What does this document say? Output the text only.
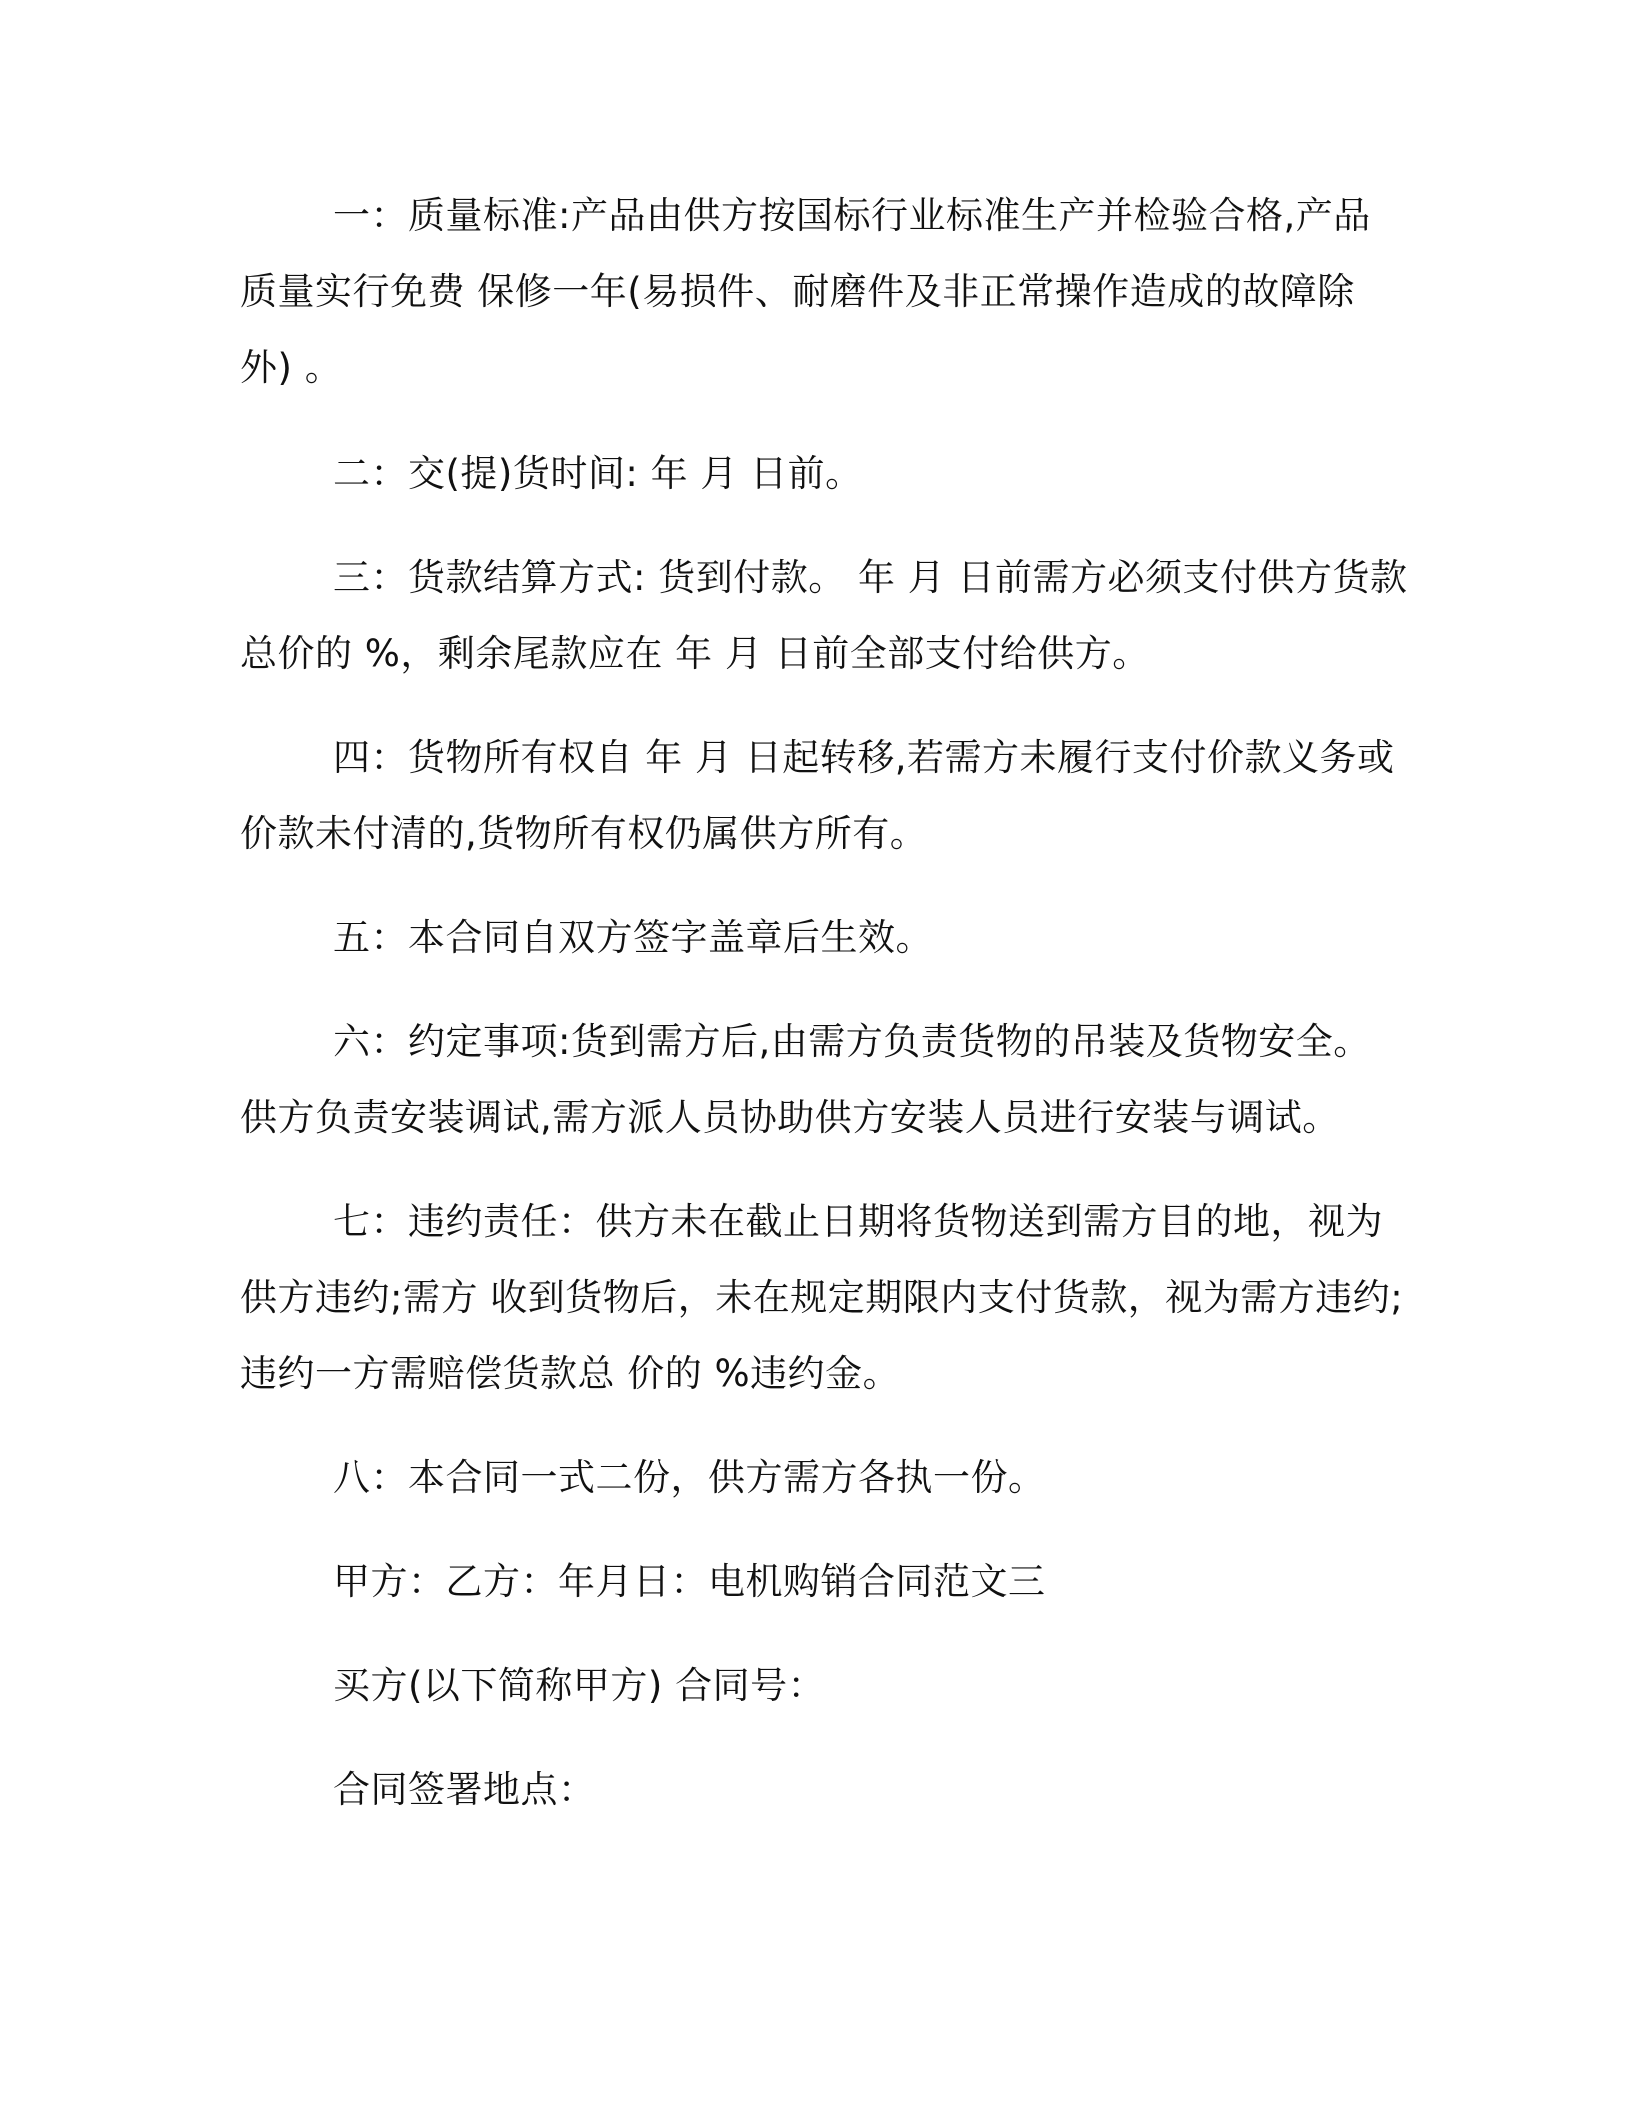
一：质量标准:产品由供方按国标行业标准生产并检验合格,产品
质量实行免费 保修一年(易损件、耐磨件及非正常操作造成的故障除
外) 。
二：交(提)货时间: 年 月 日前。
三：货款结算方式: 货到付款。 年 月 日前需方必须支付供方货款
总价的 %，剩余尾款应在 年 月 日前全部支付给供方。
四：货物所有权自 年 月 日起转移,若需方未履行支付价款义务或
价款未付清的,货物所有权仍属供方所有。
五：本合同自双方签字盖章后生效。
六：约定事项:货到需方后,由需方负责货物的吊装及货物安全。
供方负责安装调试,需方派人员协助供方安装人员进行安装与调试。
七：违约责任：供方未在截止日期将货物送到需方目的地，视为
供方违约;需方 收到货物后，未在规定期限内支付货款，视为需方违约;
违约一方需赔偿货款总 价的 %违约金。
八：本合同一式二份，供方需方各执一份。
甲方：乙方：年月日：电机购销合同范文三
买方(以下简称甲方) 合同号：
合同签署地点：
